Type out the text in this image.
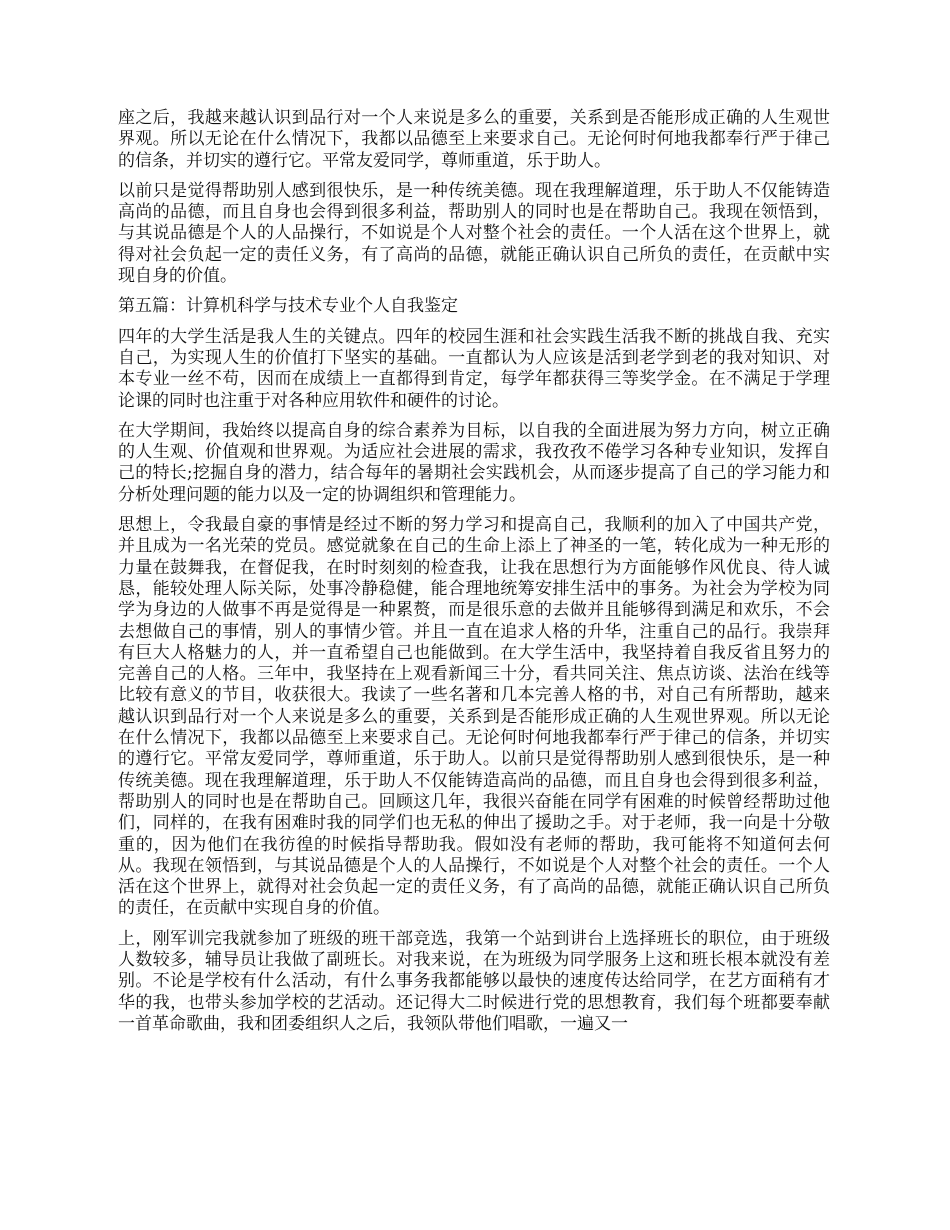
座之后，我越来越认识到品行对一个人来说是多么的重要，关系到是否能形成正确的人生观世界观。所以无论在什么情况下，我都以品德至上来要求自己。无论何时何地我都奉行严于律己的信条，并切实的遵行它。平常友爱同学，尊师重道，乐于助人。

以前只是觉得帮助别人感到很快乐，是一种传统美德。现在我理解道理，乐于助人不仅能铸造高尚的品德，而且自身也会得到很多利益，帮助别人的同时也是在帮助自己。我现在领悟到，与其说品德是个人的人品操行，不如说是个人对整个社会的责任。一个人活在这个世界上，就得对社会负起一定的责任义务，有了高尚的品德，就能正确认识自己所负的责任，在贡献中实现自身的价值。

第五篇：计算机科学与技术专业个人自我鉴定

四年的大学生活是我人生的关键点。四年的校园生涯和社会实践生活我不断的挑战自我、充实自己，为实现人生的价值打下坚实的基础。一直都认为人应该是活到老学到老的我对知识、对本专业一丝不苟，因而在成绩上一直都得到肯定，每学年都获得三等奖学金。在不满足于学理论课的同时也注重于对各种应用软件和硬件的讨论。

在大学期间，我始终以提高自身的综合素养为目标，以自我的全面进展为努力方向，树立正确的人生观、价值观和世界观。为适应社会进展的需求，我孜孜不倦学习各种专业知识，发挥自己的特长;挖掘自身的潜力，结合每年的暑期社会实践机会，从而逐步提高了自己的学习能力和分析处理问题的能力以及一定的协调组织和管理能力。

思想上，令我最自豪的事情是经过不断的努力学习和提高自己，我顺利的加入了中国共产党，并且成为一名光荣的党员。感觉就象在自己的生命上添上了神圣的一笔，转化成为一种无形的力量在鼓舞我，在督促我，在时时刻刻的检查我，让我在思想行为方面能够作风优良、待人诚恳，能较处理人际关际，处事冷静稳健，能合理地统筹安排生活中的事务。为社会为学校为同学为身边的人做事不再是觉得是一种累赘，而是很乐意的去做并且能够得到满足和欢乐，不会去想做自己的事情，别人的事情少管。并且一直在追求人格的升华，注重自己的品行。我崇拜有巨大人格魅力的人，并一直希望自己也能做到。在大学生活中，我坚持着自我反省且努力的完善自己的人格。三年中，我坚持在上观看新闻三十分，看共同关注、焦点访谈、法治在线等比较有意义的节目，收获很大。我读了一些名著和几本完善人格的书，对自己有所帮助，越来越认识到品行对一个人来说是多么的重要，关系到是否能形成正确的人生观世界观。所以无论在什么情况下，我都以品德至上来要求自己。无论何时何地我都奉行严于律己的信条，并切实的遵行它。平常友爱同学，尊师重道，乐于助人。以前只是觉得帮助别人感到很快乐，是一种传统美德。现在我理解道理，乐于助人不仅能铸造高尚的品德，而且自身也会得到很多利益，帮助别人的同时也是在帮助自己。回顾这几年，我很兴奋能在同学有困难的时候曾经帮助过他们，同样的，在我有困难时我的同学们也无私的伸出了援助之手。对于老师，我一向是十分敬重的，因为他们在我彷徨的时候指导帮助我。假如没有老师的帮助，我可能将不知道何去何从。我现在领悟到，与其说品德是个人的人品操行，不如说是个人对整个社会的责任。一个人活在这个世界上，就得对社会负起一定的责任义务，有了高尚的品德，就能正确认识自己所负的责任，在贡献中实现自身的价值。

上，刚军训完我就参加了班级的班干部竞选，我第一个站到讲台上选择班长的职位，由于班级人数较多，辅导员让我做了副班长。对我来说，在为班级为同学服务上这和班长根本就没有差别。不论是学校有什么活动，有什么事务我都能够以最快的速度传达给同学，在艺方面稍有才华的我，也带头参加学校的艺活动。还记得大二时候进行党的思想教育，我们每个班都要奉献一首革命歌曲，我和团委组织人之后，我领队带他们唱歌，一遍又一
